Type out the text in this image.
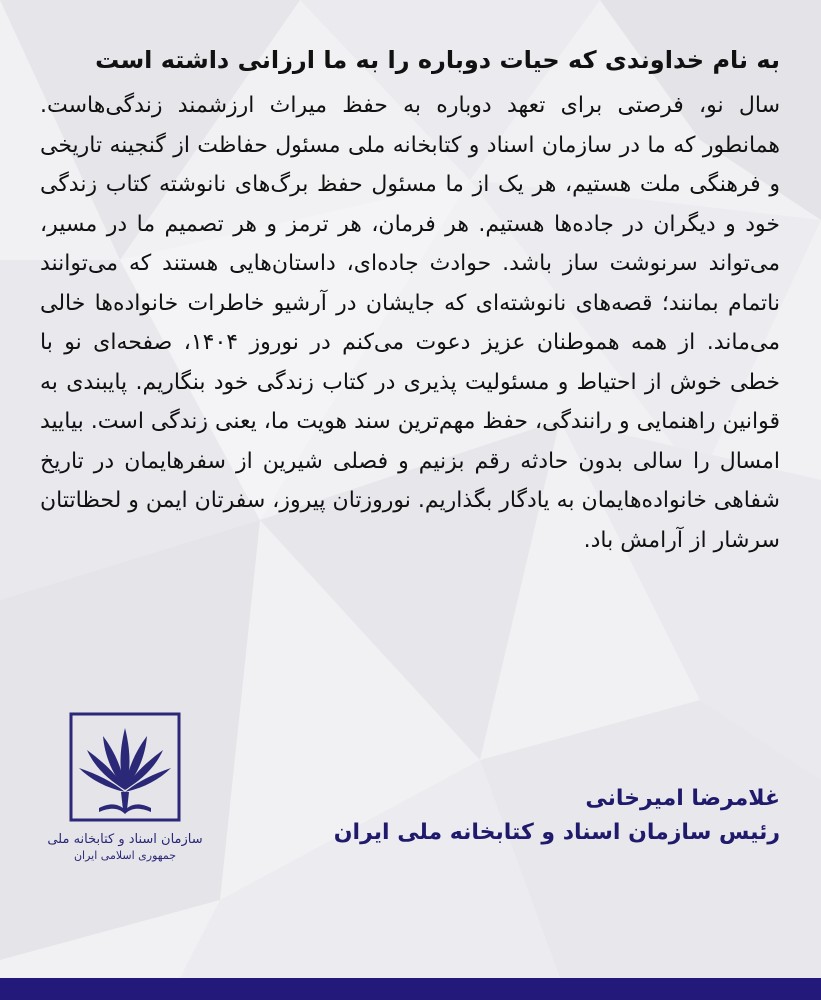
به نام خداوندی که حیات دوباره را به ما ارزانی داشته است

سال نو، فرصتی برای تعهد دوباره به حفظ میراث ارزشمند زندگی‌هاست. همانطور که ما در سازمان اسناد و کتابخانه ملی مسئول حفاظت از گنجینه تاریخی و فرهنگی ملت هستیم، هر یک از ما مسئول حفظ برگ‌های نانوشته کتاب زندگی خود و دیگران در جاده‌ها هستیم. هر فرمان، هر ترمز و هر تصمیم ما در مسیر، می‌تواند سرنوشت ساز باشد. حوادث جاده‌ای، داستان‌هایی هستند که می‌توانند ناتمام بمانند؛ قصه‌های نانوشته‌ای که جایشان در آرشیو خاطرات خانواده‌ها خالی می‌ماند. از همه هموطنان عزیز دعوت می‌کنم در نوروز ۱۴۰۴، صفحه‌ای نو با خطی خوش از احتیاط و مسئولیت پذیری در کتاب زندگی خود بنگاریم. پایبندی به قوانین راهنمایی و رانندگی، حفظ مهم‌ترین سند هویت ما، یعنی زندگی است. بیایید امسال را سالی بدون حادثه رقم بزنیم و فصلی شیرین از سفرهایمان در تاریخ شفاهی خانواده‌هایمان به یادگار بگذاریم. نوروزتان پیروز، سفرتان ایمن و لحظاتتان سرشار از آرامش باد.

سازمان اسناد و کتابخانه ملی
جمهوری اسلامی ایران
غلامرضا امیرخانی
رئیس سازمان اسناد و کتابخانه ملی ایران
